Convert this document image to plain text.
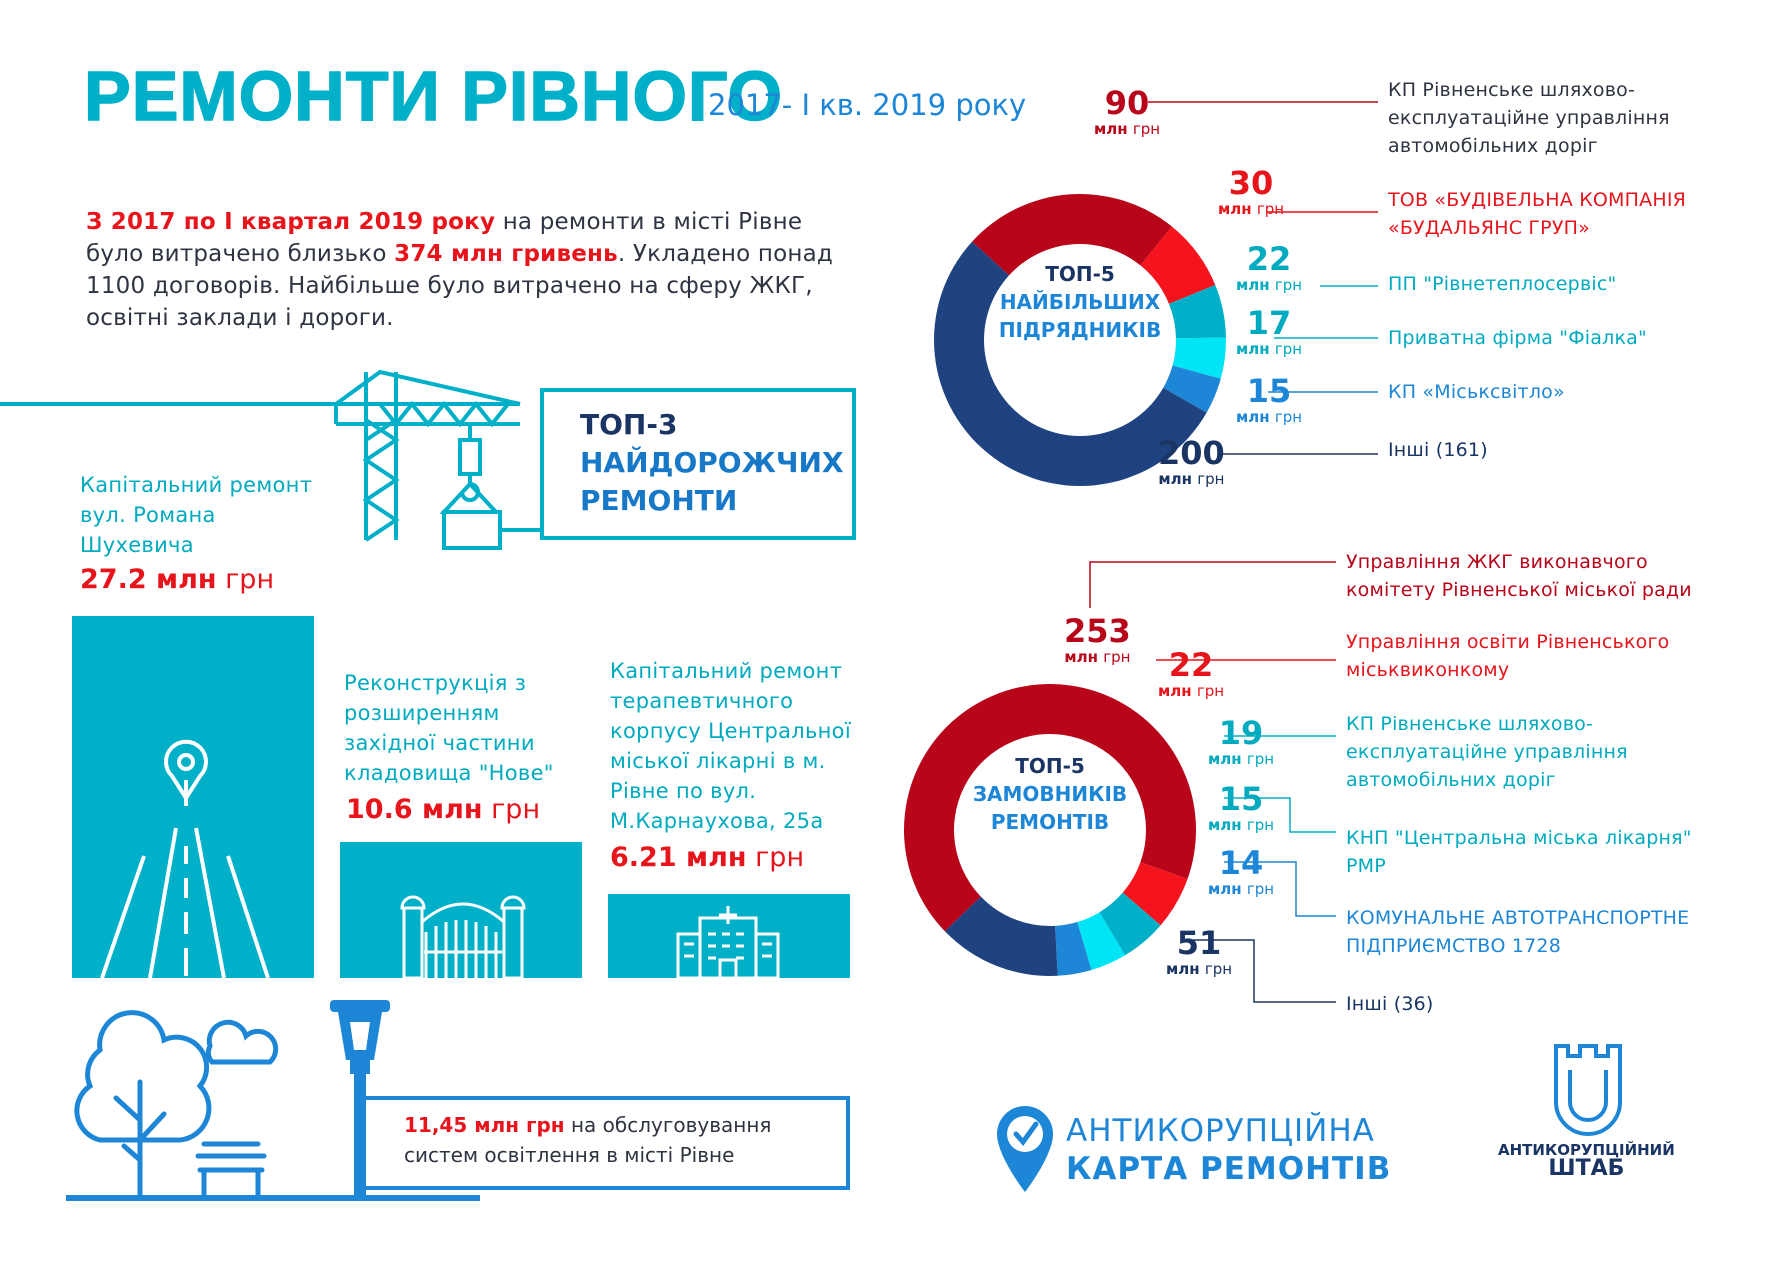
РЕМОНТИ РІВНОГО
2017- І кв. 2019 року
З 2017 по І квартал 2019 року на ремонти в місті Рівне було витрачено близько 374 млн гривень. Укладено понад 1100 договорів. Найбільше було витрачено на сферу ЖКГ, освітні заклади і дороги.
ТОП-3
НАЙДОРОЖЧИХ
РЕМОНТИ
Капітальний ремонт вул. Романа Шухевича
27.2 млн грн
Реконструкція з розширенням західної частини кладовища "Нове"
10.6 млн грн
Капітальний ремонт терапевтичного корпусу Центральної міської лікарні в м. Рівне по вул. М.Карнаухова, 25а
6.21 млн грн
11,45 млн грн на обслуговування систем освітлення в місті Рівне
ТОП-5
НАЙБІЛЬШИХ
ПІДРЯДНИКІВ
ТОП-5
ЗАМОВНИКІВ
РЕМОНТІВ
90
млн грн
КП Рівненське шляхово-експлуатаційне управління автомобільних доріг
30
млн грн	ТОВ «БУДІВЕЛЬНА КОМПАНІЯ «БУДАЛЬЯНС ГРУП»
22
млн грн	ПП "Рівнетеплосервіс"
17
млн грн	Приватна фірма "Фіалка"
15
млн грн
КП «Міськсвітло»
200
млн грн
Інші (161)
253
млн грн
Управління ЖКГ виконавчого комітету Рівненської міської ради
22
млн грн
Управління освіти Рівненського міськвиконкому
19
млн грн
КП Рівненське шляхово-експлуатаційне управління автомобільних доріг
15
млн грн
КНП "Центральна міська лікарня" РМР
14
млн грн
КОМУНАЛЬНЕ АВТОТРАНСПОРТНЕ ПІДПРИЄМСТВО 1728
51
млн грн
Інші (36)
АНТИКОРУПЦІЙНА
КАРТА РЕМОНТІВ
АНТИКОРУПЦІЙНИЙ
ШТАБ
